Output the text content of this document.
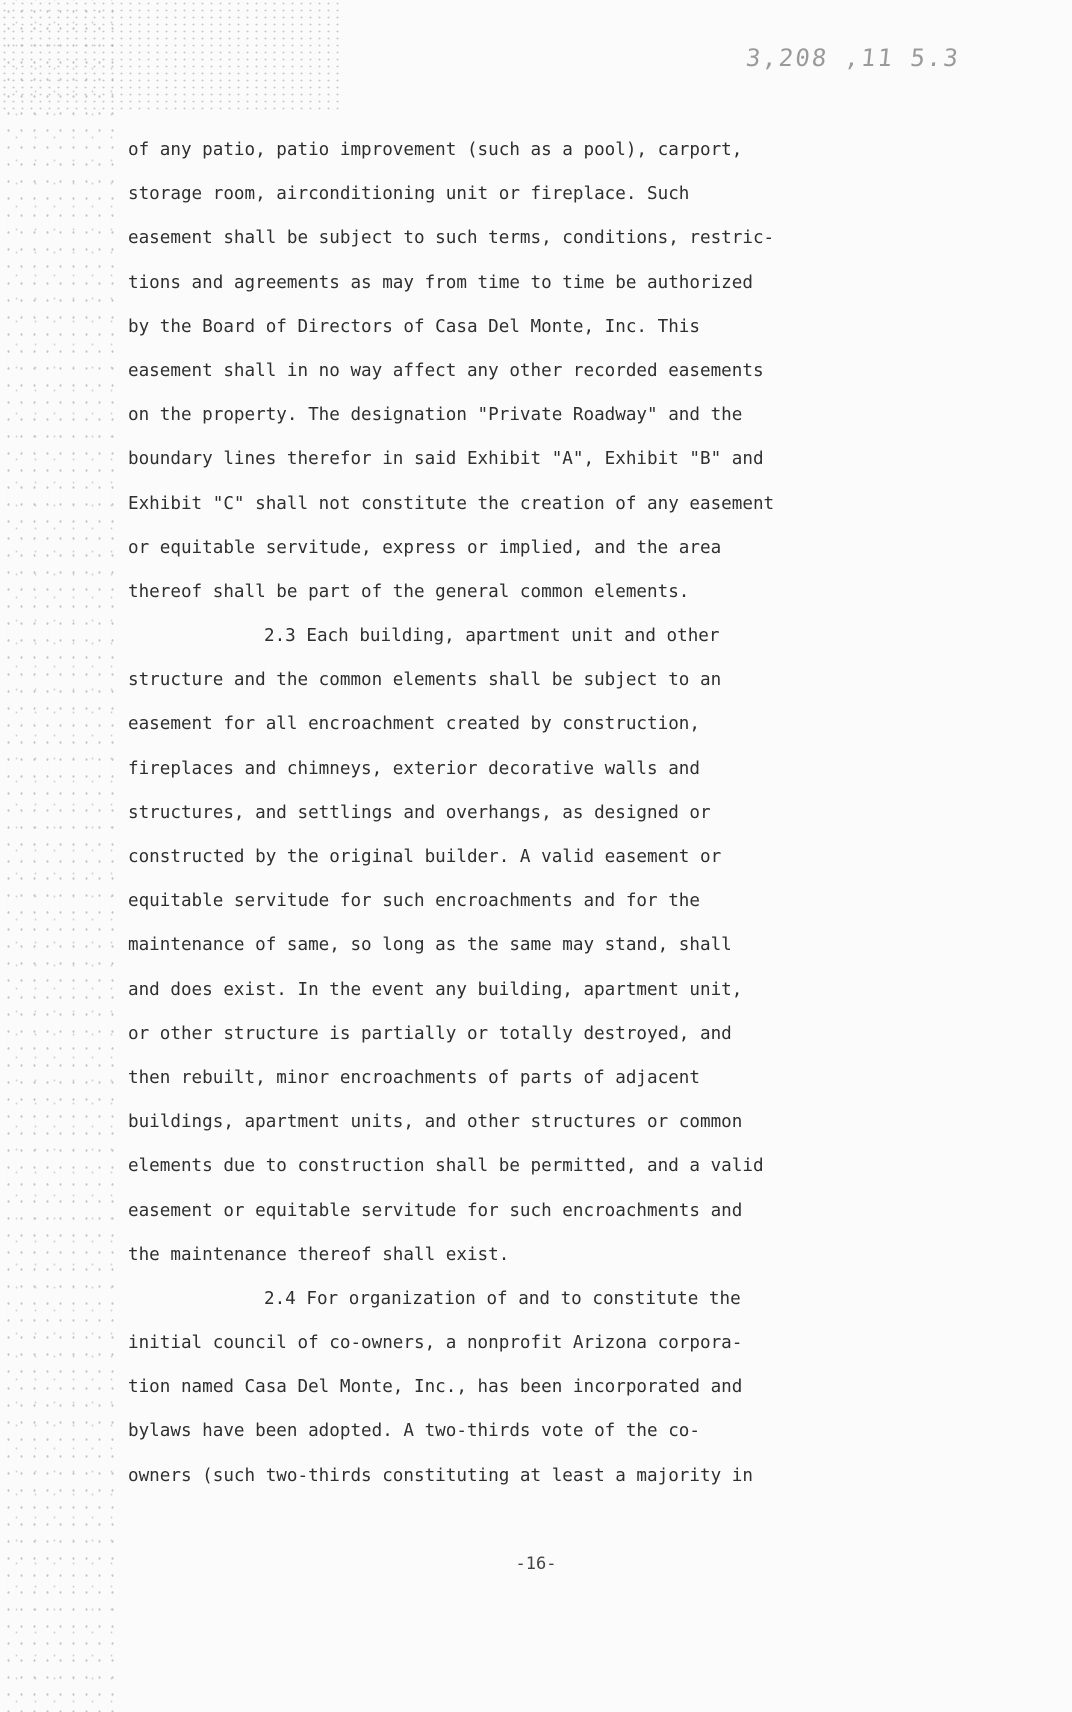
3,208 ,11 5.3
of any patio, patio improvement (such as a pool), carport,
storage room, airconditioning unit or fireplace. Such
easement shall be subject to such terms, conditions, restric-
tions and agreements as may from time to time be authorized
by the Board of Directors of Casa Del Monte, Inc. This
easement shall in no way affect any other recorded easements
on the property. The designation "Private Roadway" and the
boundary lines therefor in said Exhibit "A", Exhibit "B" and
Exhibit "C" shall not constitute the creation of any easement
or equitable servitude, express or implied, and the area
thereof shall be part of the general common elements.
2.3 Each building, apartment unit and other
structure and the common elements shall be subject to an
easement for all encroachment created by construction,
fireplaces and chimneys, exterior decorative walls and
structures, and settlings and overhangs, as designed or
constructed by the original builder. A valid easement or
equitable servitude for such encroachments and for the
maintenance of same, so long as the same may stand, shall
and does exist. In the event any building, apartment unit,
or other structure is partially or totally destroyed, and
then rebuilt, minor encroachments of parts of adjacent
buildings, apartment units, and other structures or common
elements due to construction shall be permitted, and a valid
easement or equitable servitude for such encroachments and
the maintenance thereof shall exist.
2.4 For organization of and to constitute the
initial council of co-owners, a nonprofit Arizona corpora-
tion named Casa Del Monte, Inc., has been incorporated and
bylaws have been adopted. A two-thirds vote of the co-
owners (such two-thirds constituting at least a majority in
-16-
